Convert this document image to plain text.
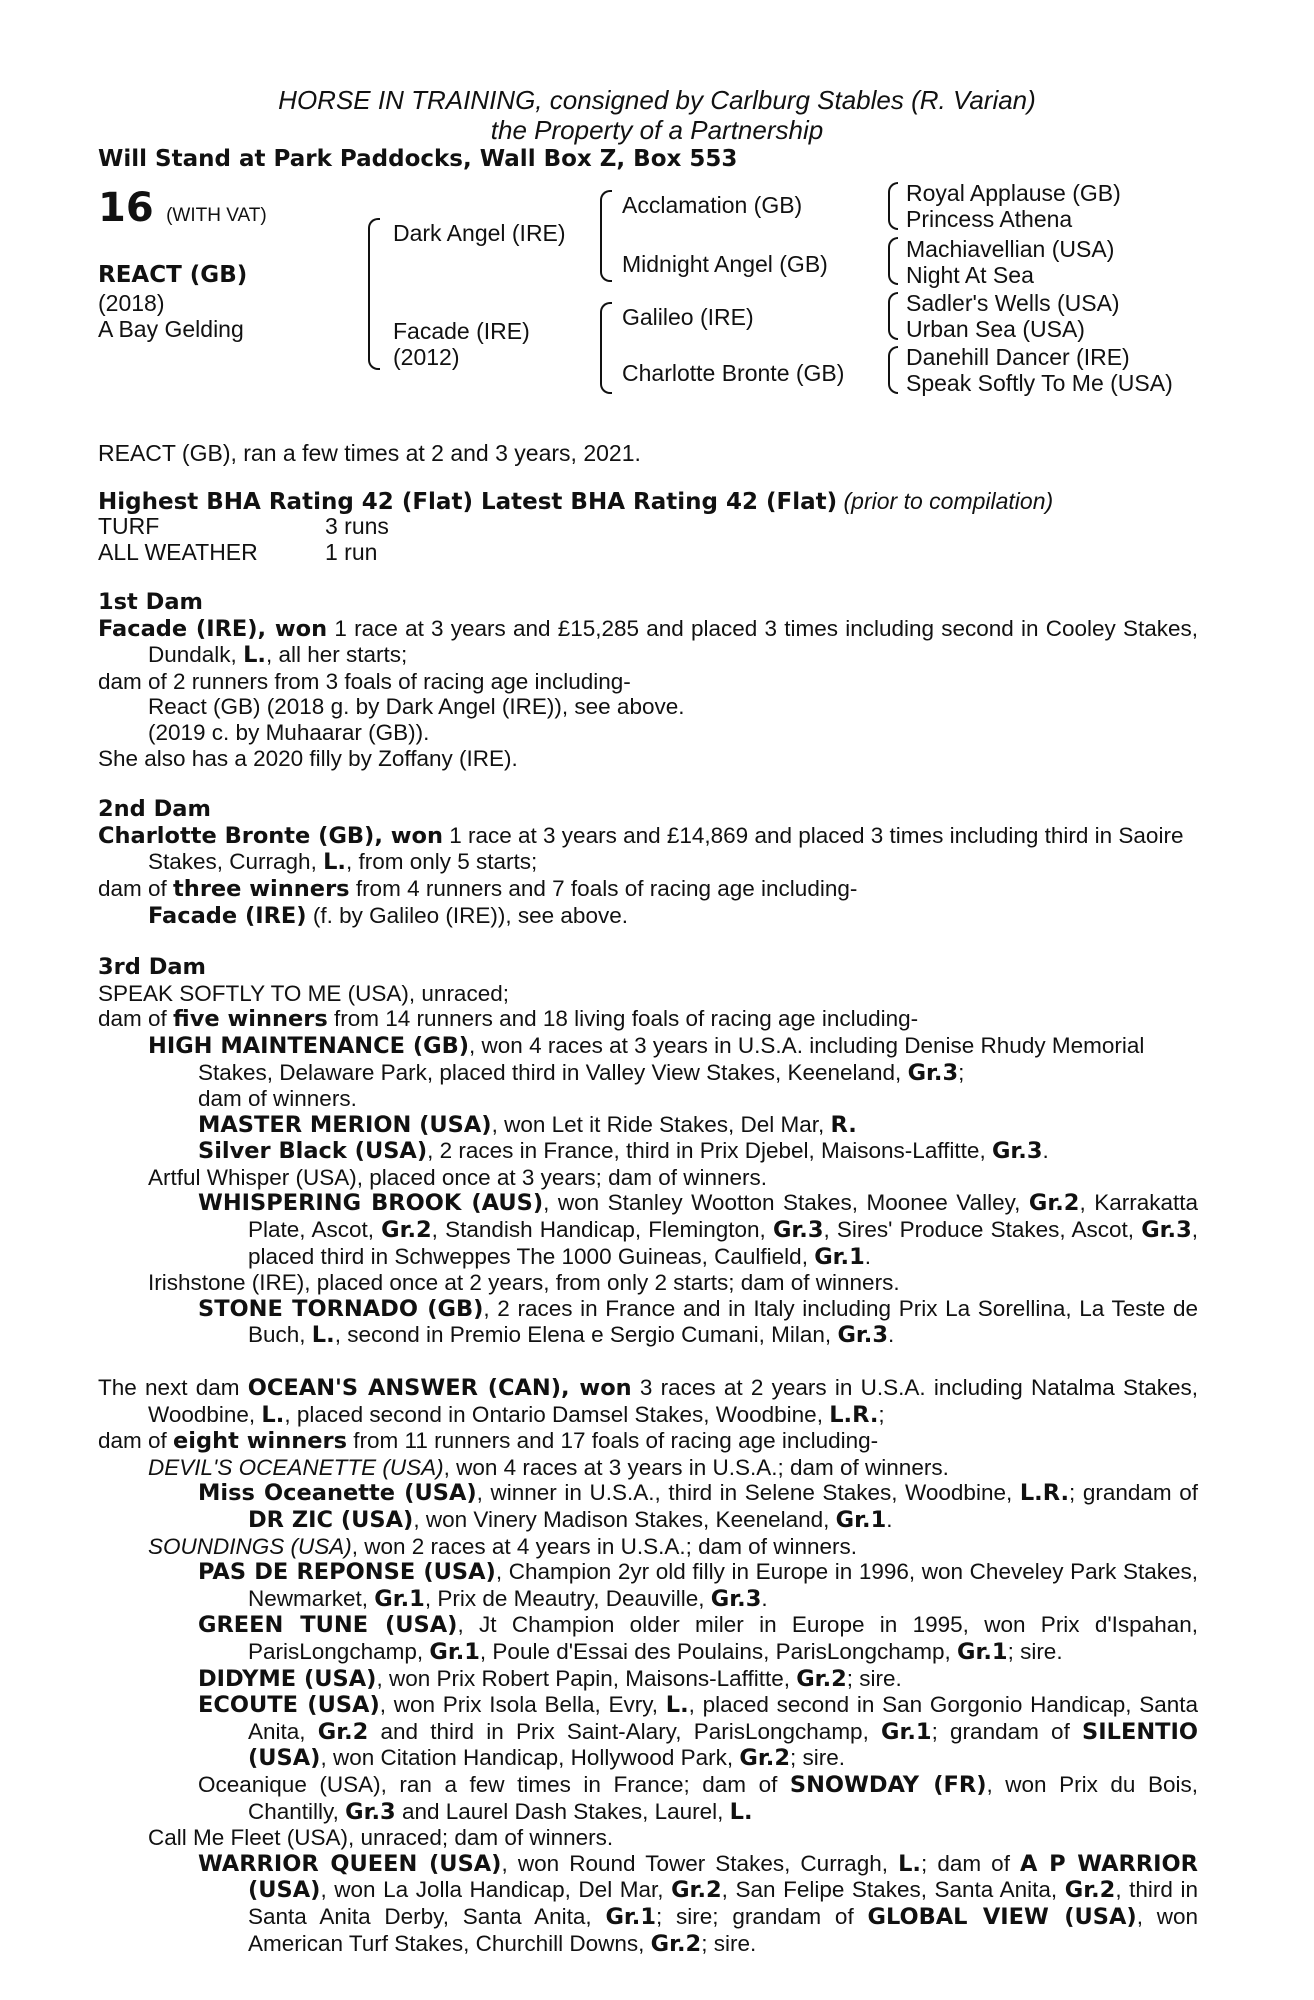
HORSE IN TRAINING, consigned by Carlburg Stables (R. Varian)
the Property of a Partnership
Will Stand at Park Paddocks, Wall Box Z, Box 553
16 (WITH VAT)
REACT (GB)
(2018)
A Bay Gelding
Dark Angel (IRE)
Facade (IRE)
(2012)
Acclamation (GB)
Midnight Angel (GB)
Galileo (IRE)
Charlotte Bronte (GB)
Royal Applause (GB)
Princess Athena
Machiavellian (USA)
Night At Sea
Sadler's Wells (USA)
Urban Sea (USA)
Danehill Dancer (IRE)
Speak Softly To Me (USA)
REACT (GB), ran a few times at 2 and 3 years, 2021.
Highest BHA Rating 42 (Flat) Latest BHA Rating 42 (Flat) (prior to compilation)
TURF	3 runs
ALL WEATHER	1 run

1st Dam

Facade (IRE), won 1 race at 3 years and £15,285 and placed 3 times including second in Cooley Stakes, Dundalk, L., all her starts;

dam of 2 runners from 3 foals of racing age including-

React (GB) (2018 g. by Dark Angel (IRE)), see above.

(2019 c. by Muhaarar (GB)).

She also has a 2020 filly by Zoffany (IRE).

2nd Dam

Charlotte Bronte (GB), won 1 race at 3 years and £14,869 and placed 3 times including third in Saoire Stakes, Curragh, L., from only 5 starts;

dam of three winners from 4 runners and 7 foals of racing age including-

Facade (IRE) (f. by Galileo (IRE)), see above.

3rd Dam

SPEAK SOFTLY TO ME (USA), unraced;

dam of five winners from 14 runners and 18 living foals of racing age including-

HIGH MAINTENANCE (GB), won 4 races at 3 years in U.S.A. including Denise Rhudy Memorial Stakes, Delaware Park, placed third in Valley View Stakes, Keeneland, Gr.3;
dam of winners.

MASTER MERION (USA), won Let it Ride Stakes, Del Mar, R.

Silver Black (USA), 2 races in France, third in Prix Djebel, Maisons-Laffitte, Gr.3.

Artful Whisper (USA), placed once at 3 years; dam of winners.

WHISPERING BROOK (AUS), won Stanley Wootton Stakes, Moonee Valley, Gr.2, Karrakatta Plate, Ascot, Gr.2, Standish Handicap, Flemington, Gr.3, Sires' Produce Stakes, Ascot, Gr.3, placed third in Schweppes The 1000 Guineas, Caulfield, Gr.1.

Irishstone (IRE), placed once at 2 years, from only 2 starts; dam of winners.

STONE TORNADO (GB), 2 races in France and in Italy including Prix La Sorellina, La Teste de Buch, L., second in Premio Elena e Sergio Cumani, Milan, Gr.3.

The next dam OCEAN'S ANSWER (CAN), won 3 races at 2 years in U.S.A. including Natalma Stakes, Woodbine, L., placed second in Ontario Damsel Stakes, Woodbine, L.R.;

dam of eight winners from 11 runners and 17 foals of racing age including-

DEVIL'S OCEANETTE (USA), won 4 races at 3 years in U.S.A.; dam of winners.

Miss Oceanette (USA), winner in U.S.A., third in Selene Stakes, Woodbine, L.R.; grandam of DR ZIC (USA), won Vinery Madison Stakes, Keeneland, Gr.1.

SOUNDINGS (USA), won 2 races at 4 years in U.S.A.; dam of winners.

PAS DE REPONSE (USA), Champion 2yr old filly in Europe in 1996, won Cheveley Park Stakes, Newmarket, Gr.1, Prix de Meautry, Deauville, Gr.3.

GREEN TUNE (USA), Jt Champion older miler in Europe in 1995, won Prix d'Ispahan, ParisLongchamp, Gr.1, Poule d'Essai des Poulains, ParisLongchamp, Gr.1; sire.

DIDYME (USA), won Prix Robert Papin, Maisons-Laffitte, Gr.2; sire.

ECOUTE (USA), won Prix Isola Bella, Evry, L., placed second in San Gorgonio Handicap, Santa Anita, Gr.2 and third in Prix Saint-Alary, ParisLongchamp, Gr.1; grandam of SILENTIO (USA), won Citation Handicap, Hollywood Park, Gr.2; sire.

Oceanique (USA), ran a few times in France; dam of SNOWDAY (FR), won Prix du Bois, Chantilly, Gr.3 and Laurel Dash Stakes, Laurel, L.

Call Me Fleet (USA), unraced; dam of winners.

WARRIOR QUEEN (USA), won Round Tower Stakes, Curragh, L.; dam of A P WARRIOR (USA), won La Jolla Handicap, Del Mar, Gr.2, San Felipe Stakes, Santa Anita, Gr.2, third in Santa Anita Derby, Santa Anita, Gr.1; sire; grandam of GLOBAL VIEW (USA), won American Turf Stakes, Churchill Downs, Gr.2; sire.
